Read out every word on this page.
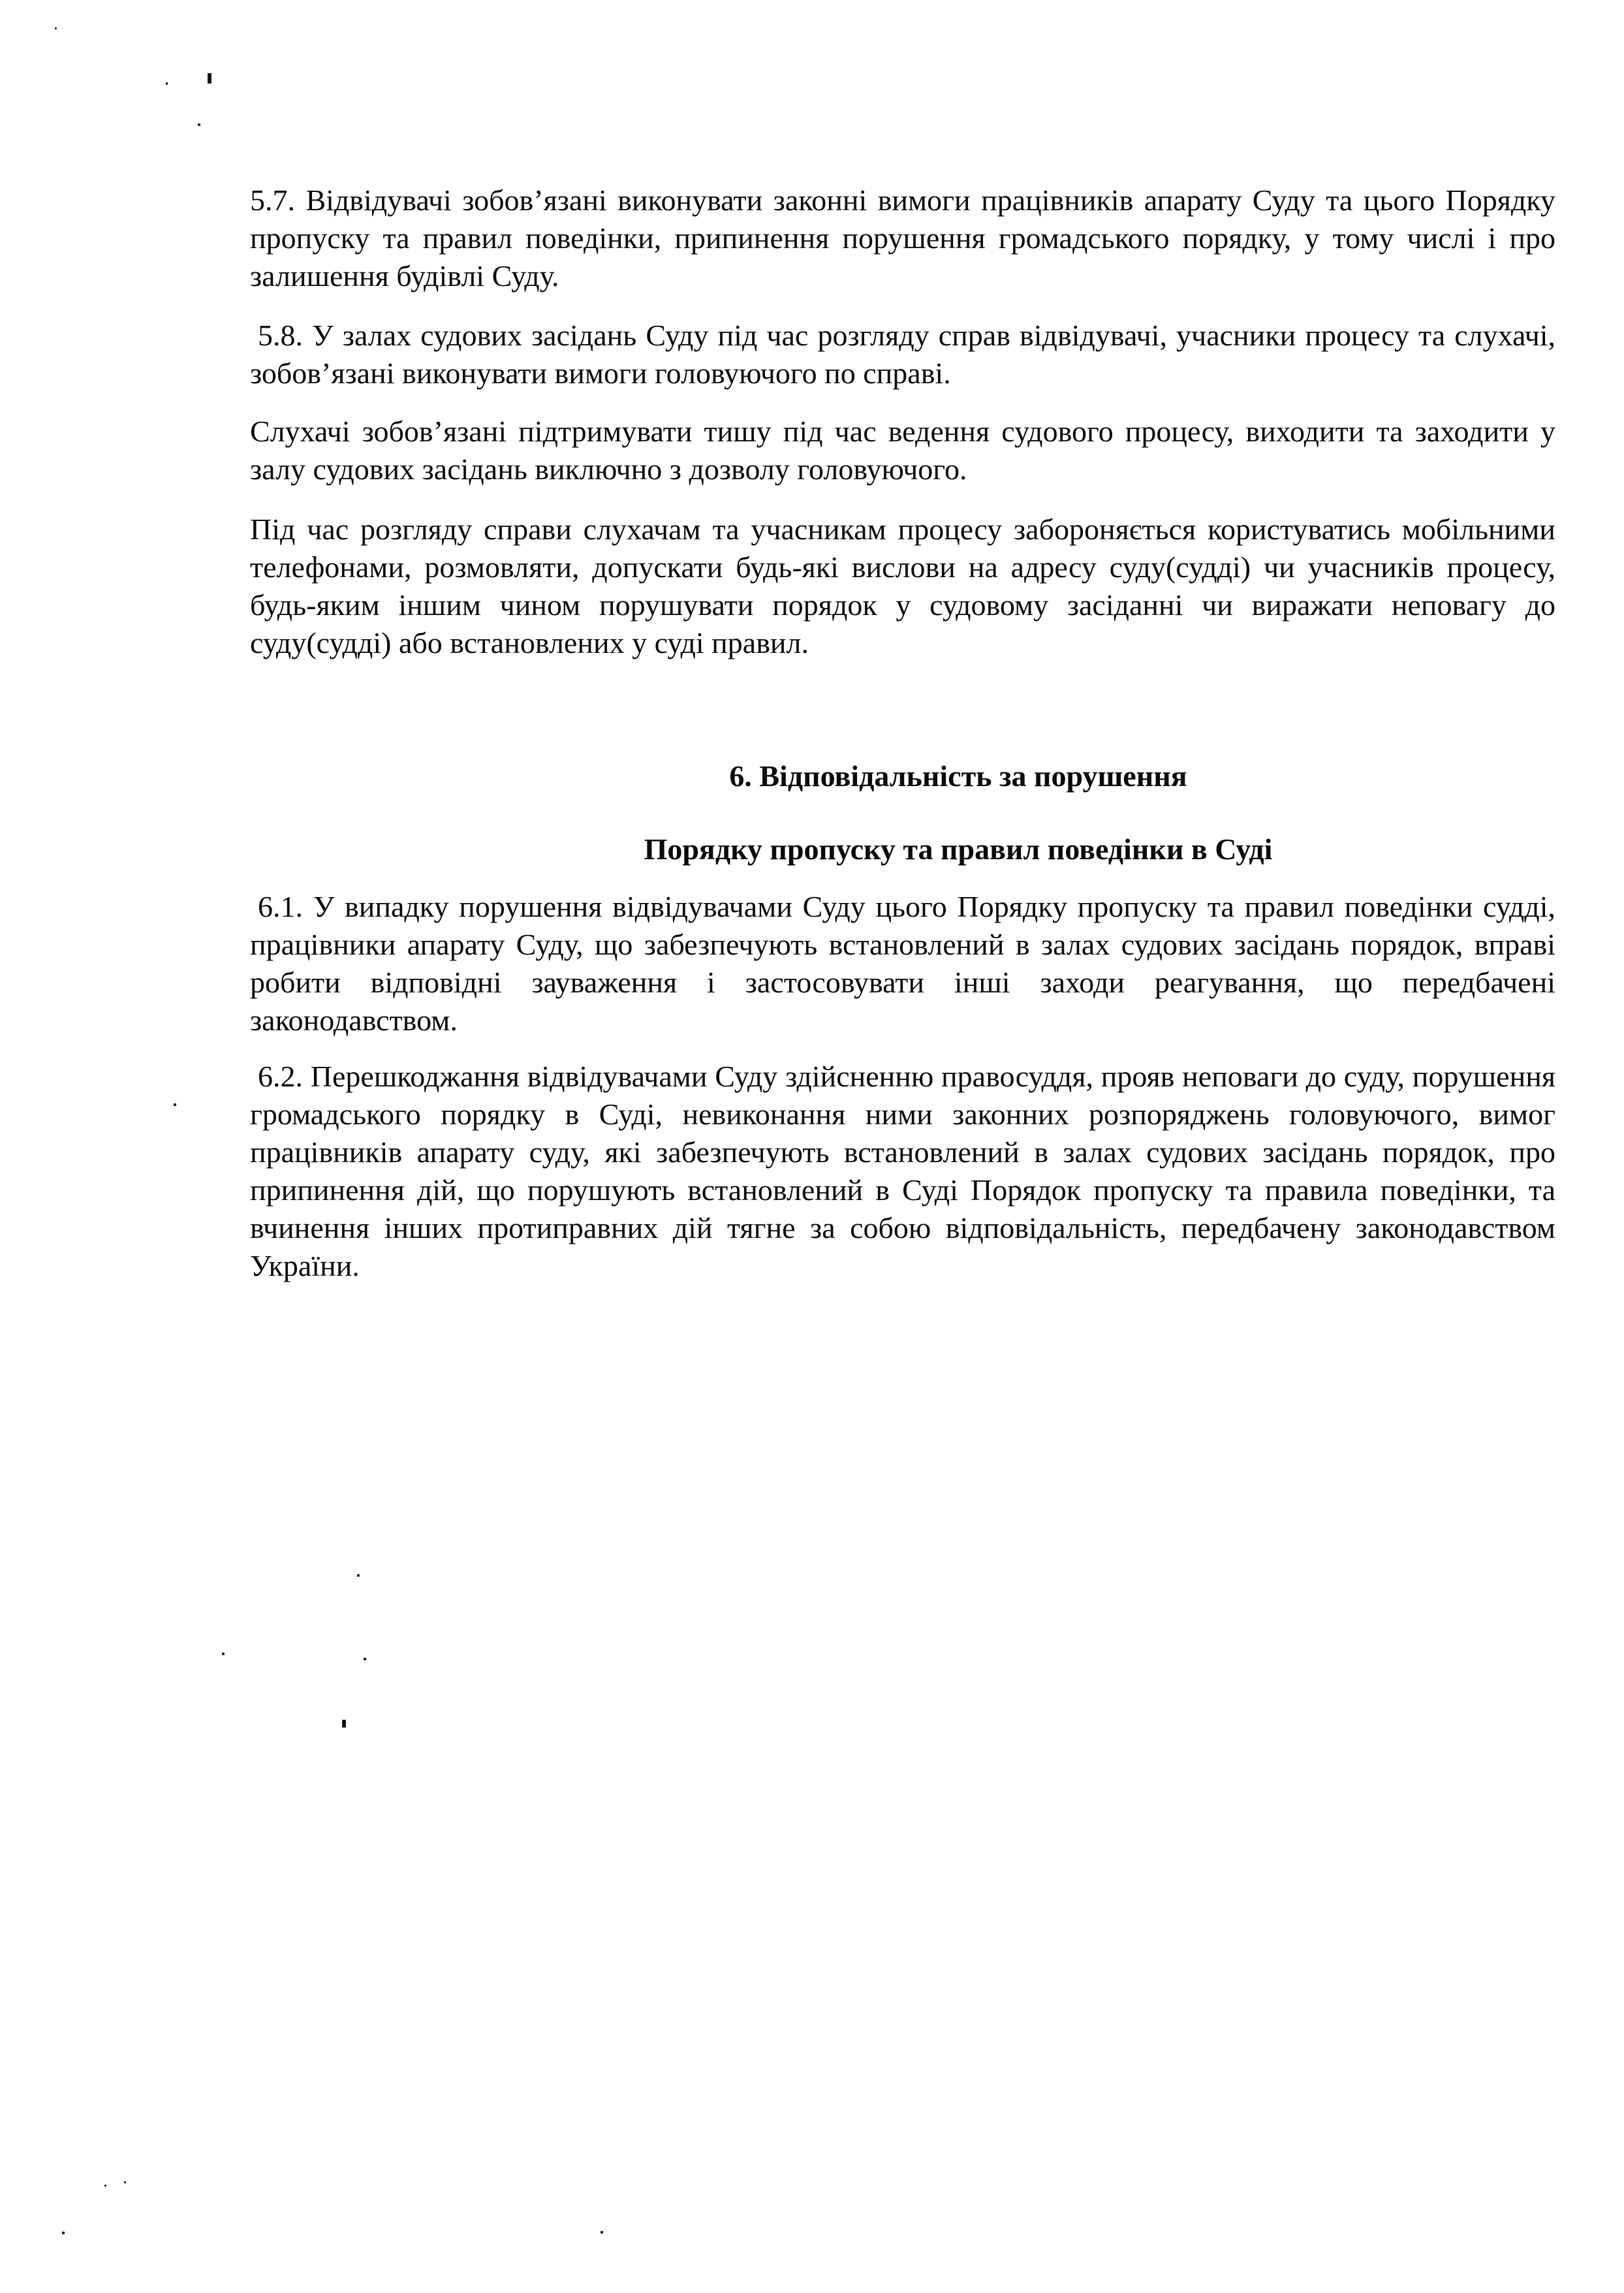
5.7. Відвідувачі зобов’язані виконувати законні вимоги працівників апарату Суду та цього Порядку пропуску та правил поведінки, припинення порушення громадського порядку, у тому числі і про залишення будівлі Суду.

5.8. У залах судових засідань Суду під час розгляду справ відвідувачі, учасники процесу та слухачі, зобов’язані виконувати вимоги головуючого по справі.

Слухачі зобов’язані підтримувати тишу під час ведення судового процесу, виходити та заходити у залу судових засідань виключно з дозволу головуючого.

Під час розгляду справи слухачам та учасникам процесу забороняється користуватись мобільними телефонами, розмовляти, допускати будь-які вислови на адресу суду(судді) чи учасників процесу, будь-яким іншим чином порушувати порядок у судовому засіданні чи виражати неповагу до суду(судді) або встановлених у суді правил.

6. Відповідальність за порушення
Порядку пропуску та правил поведінки в Суді

6.1. У випадку порушення відвідувачами Суду цього Порядку пропуску та правил поведінки судді, працівники апарату Суду, що забезпечують встановлений в залах судових засідань порядок, вправі робити відповідні зауваження і застосовувати інші заходи реагування, що передбачені законодавством.

6.2. Перешкоджання відвідувачами Суду здійсненню правосуддя, прояв неповаги до суду, порушення громадського порядку в Суді, невиконання ними законних розпоряджень головуючого, вимог працівників апарату суду, які забезпечують встановлений в залах судових засідань порядок, про припинення дій, що порушують встановлений в Суді Порядок пропуску та правила поведінки, та вчинення інших протиправних дій тягне за собою відповідальність, передбачену законодавством України.
